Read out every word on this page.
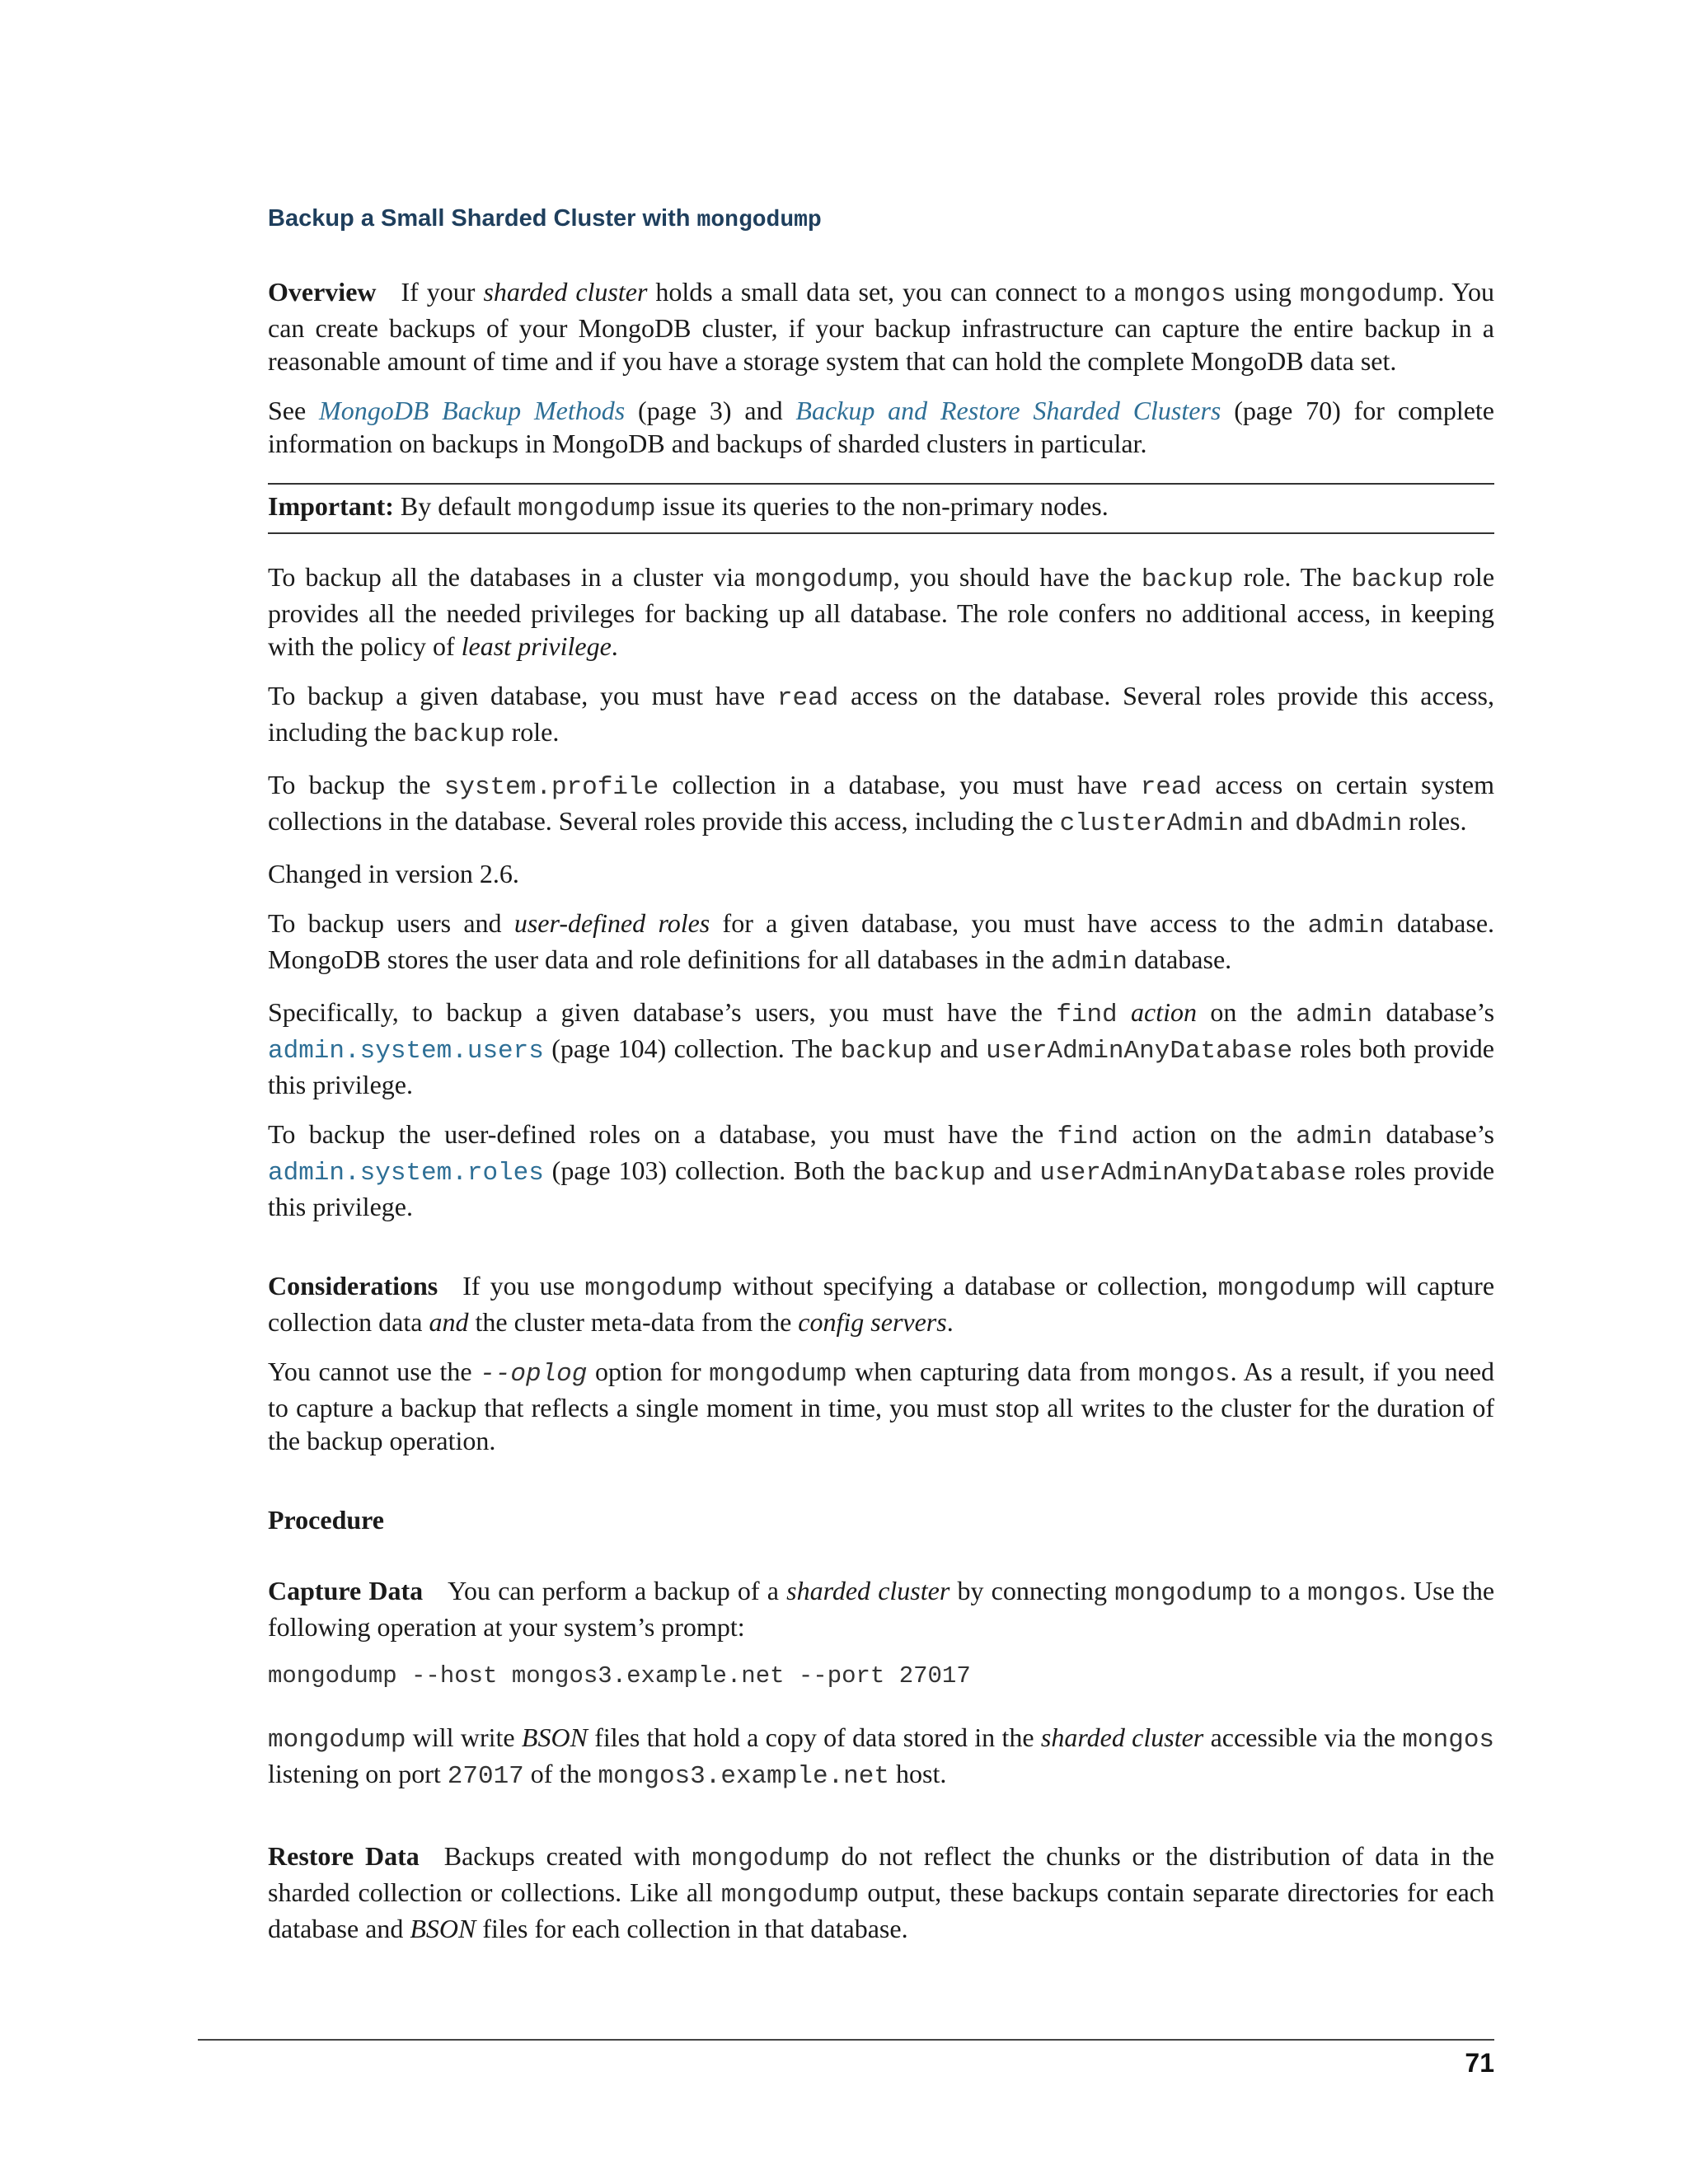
Backup a Small Sharded Cluster with mongodump

Overview If your sharded cluster holds a small data set, you can connect to a mongos using mongodump. You can create backups of your MongoDB cluster, if your backup infrastructure can capture the entire backup in a reasonable amount of time and if you have a storage system that can hold the complete MongoDB data set.

See MongoDB Backup Methods (page 3) and Backup and Restore Sharded Clusters (page 70) for complete information on backups in MongoDB and backups of sharded clusters in particular.

Important: By default mongodump issue its queries to the non-primary nodes.

To backup all the databases in a cluster via mongodump, you should have the backup role. The backup role provides all the needed privileges for backing up all database. The role confers no additional access, in keeping with the policy of least privilege.

To backup a given database, you must have read access on the database. Several roles provide this access, including the backup role.

To backup the system.profile collection in a database, you must have read access on certain system collections in the database. Several roles provide this access, including the clusterAdmin and dbAdmin roles.

Changed in version 2.6.

To backup users and user-defined roles for a given database, you must have access to the admin database. MongoDB stores the user data and role definitions for all databases in the admin database.

Specifically, to backup a given database’s users, you must have the find action on the admin database’s admin.system.users (page 104) collection. The backup and userAdminAnyDatabase roles both provide this privilege.

To backup the user-defined roles on a database, you must have the find action on the admin database’s admin.system.roles (page 103) collection. Both the backup and userAdminAnyDatabase roles provide this privilege.

Considerations If you use mongodump without specifying a database or collection, mongodump will capture collection data and the cluster meta-data from the config servers.

You cannot use the --oplog option for mongodump when capturing data from mongos. As a result, if you need to capture a backup that reflects a single moment in time, you must stop all writes to the cluster for the duration of the backup operation.

Procedure

Capture Data You can perform a backup of a sharded cluster by connecting mongodump to a mongos. Use the following operation at your system’s prompt:

mongodump --host mongos3.example.net --port 27017

mongodump will write BSON files that hold a copy of data stored in the sharded cluster accessible via the mongos listening on port 27017 of the mongos3.example.net host.

Restore Data Backups created with mongodump do not reflect the chunks or the distribution of data in the sharded collection or collections. Like all mongodump output, these backups contain separate directories for each database and BSON files for each collection in that database.

71
